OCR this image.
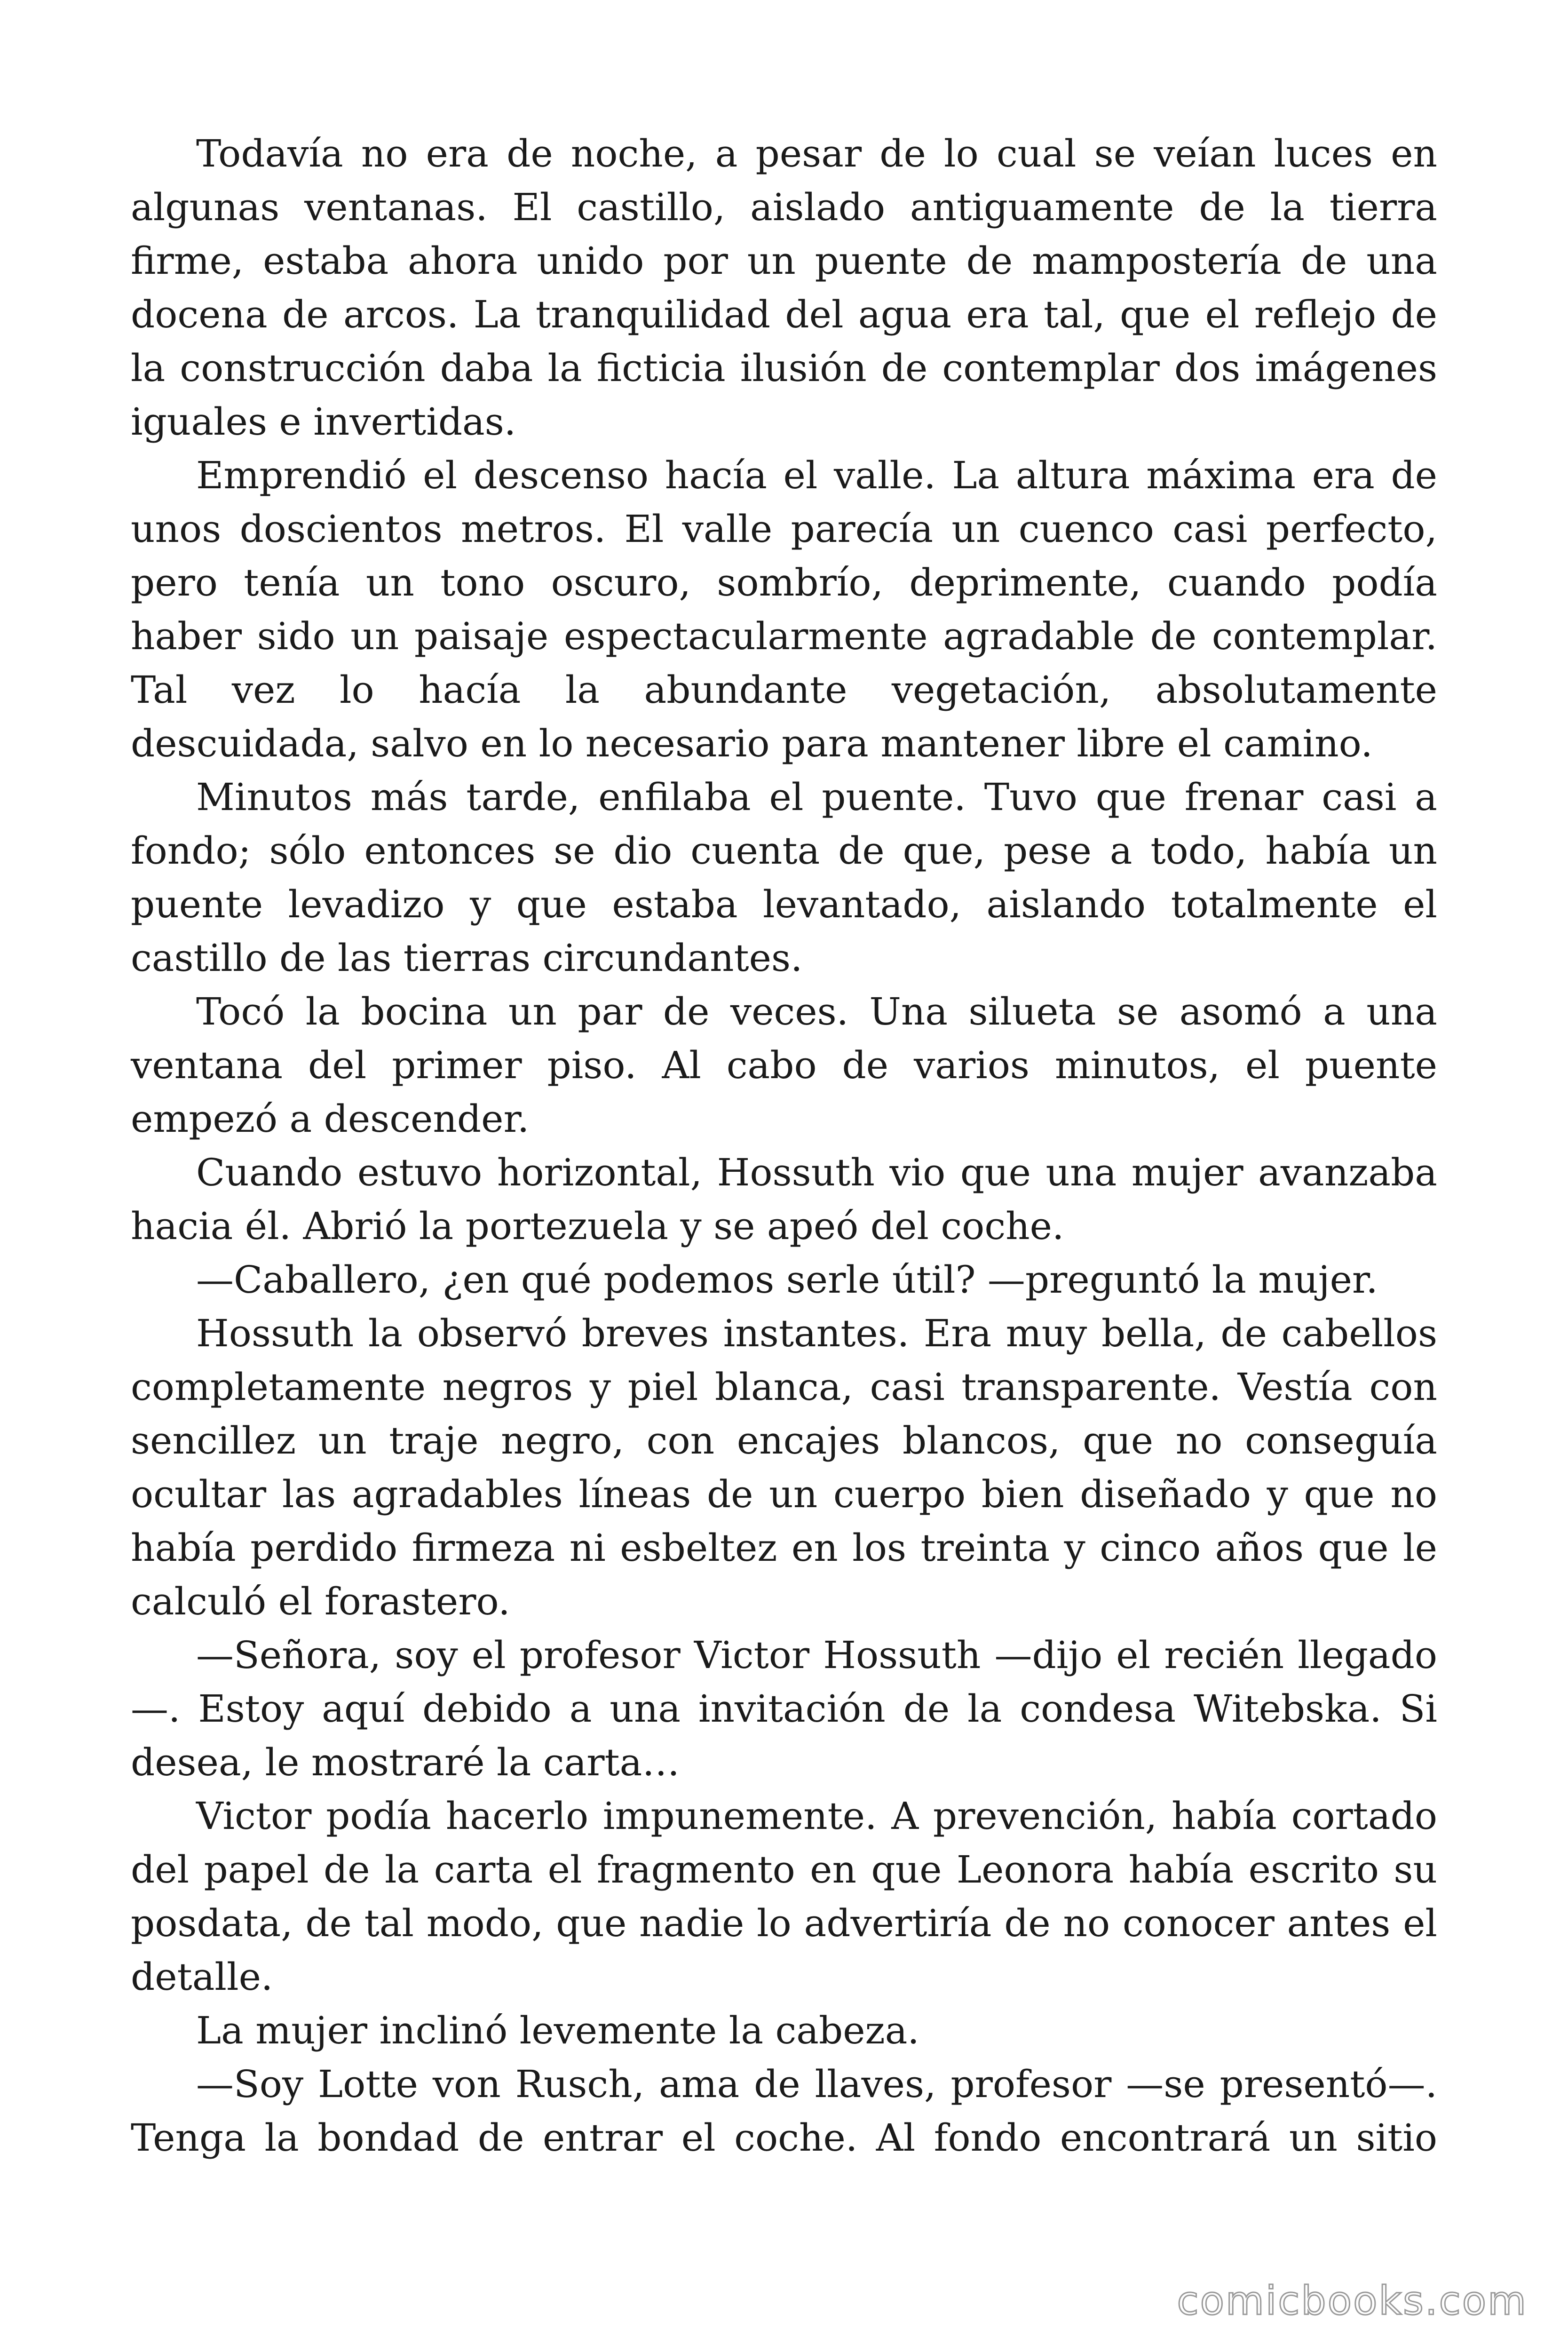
Todavía no era de noche, a pesar de lo cual se veían luces en algunas ventanas. El castillo, aislado antiguamente de la tierra firme, estaba ahora unido por un puente de mampostería de una docena de arcos. La tranquilidad del agua era tal, que el reflejo de la construcción daba la ficticia ilusión de contemplar dos imágenes iguales e invertidas.

Emprendió el descenso hacía el valle. La altura máxima era de unos doscientos metros. El valle parecía un cuenco casi perfecto, pero tenía un tono oscuro, sombrío, deprimente, cuando podía haber sido un paisaje espectacularmente agradable de contemplar. Tal vez lo hacía la abundante vegetación, absolutamente descuidada, salvo en lo necesario para mantener libre el camino.

Minutos más tarde, enfilaba el puente. Tuvo que frenar casi a fondo; sólo entonces se dio cuenta de que, pese a todo, había un puente levadizo y que estaba levantado, aislando totalmente el castillo de las tierras circundantes.

Tocó la bocina un par de veces. Una silueta se asomó a una ventana del primer piso. Al cabo de varios minutos, el puente empezó a descender.

Cuando estuvo horizontal, Hossuth vio que una mujer avanzaba hacia él. Abrió la portezuela y se apeó del coche.

—Caballero, ¿en qué podemos serle útil? —preguntó la mujer.

Hossuth la observó breves instantes. Era muy bella, de cabellos completamente negros y piel blanca, casi transparente. Vestía con sencillez un traje negro, con encajes blancos, que no conseguía ocultar las agradables líneas de un cuerpo bien diseñado y que no había perdido firmeza ni esbeltez en los treinta y cinco años que le calculó el forastero.

—Señora, soy el profesor Victor Hossuth —dijo el recién llegado —. Estoy aquí debido a una invitación de la condesa Witebska. Si desea, le mostraré la carta…

Victor podía hacerlo impunemente. A prevención, había cortado del papel de la carta el fragmento en que Leonora había escrito su posdata, de tal modo, que nadie lo advertiría de no conocer antes el detalle.

La mujer inclinó levemente la cabeza.

—Soy Lotte von Rusch, ama de llaves, profesor —se presentó—. Tenga la bondad de entrar el coche. Al fondo encontrará un sitio

comicbooks.com
